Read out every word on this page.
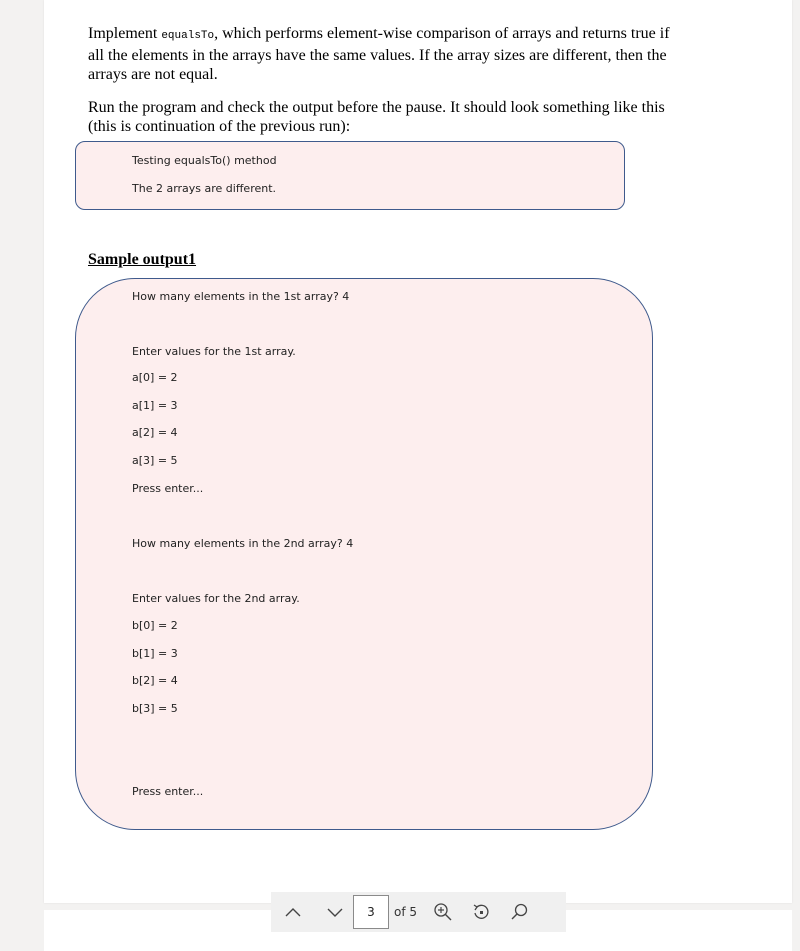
Implement equalsTo, which performs element-wise comparison of arrays and returns true if all the elements in the arrays have the same values. If the array sizes are different, then the arrays are not equal.

Run the program and check the output before the pause. It should look something like this (this is continuation of the previous run):

Testing equalsTo() method
The 2 arrays are different.

Sample output1

How many elements in the 1st array? 4
Enter values for the 1st array.
a[0] = 2
a[1] = 3
a[2] = 4
a[3] = 5
Press enter...
How many elements in the 2nd array? 4
Enter values for the 2nd array.
b[0] = 2
b[1] = 3
b[2] = 4
b[3] = 5
Press enter...
3
of 5
